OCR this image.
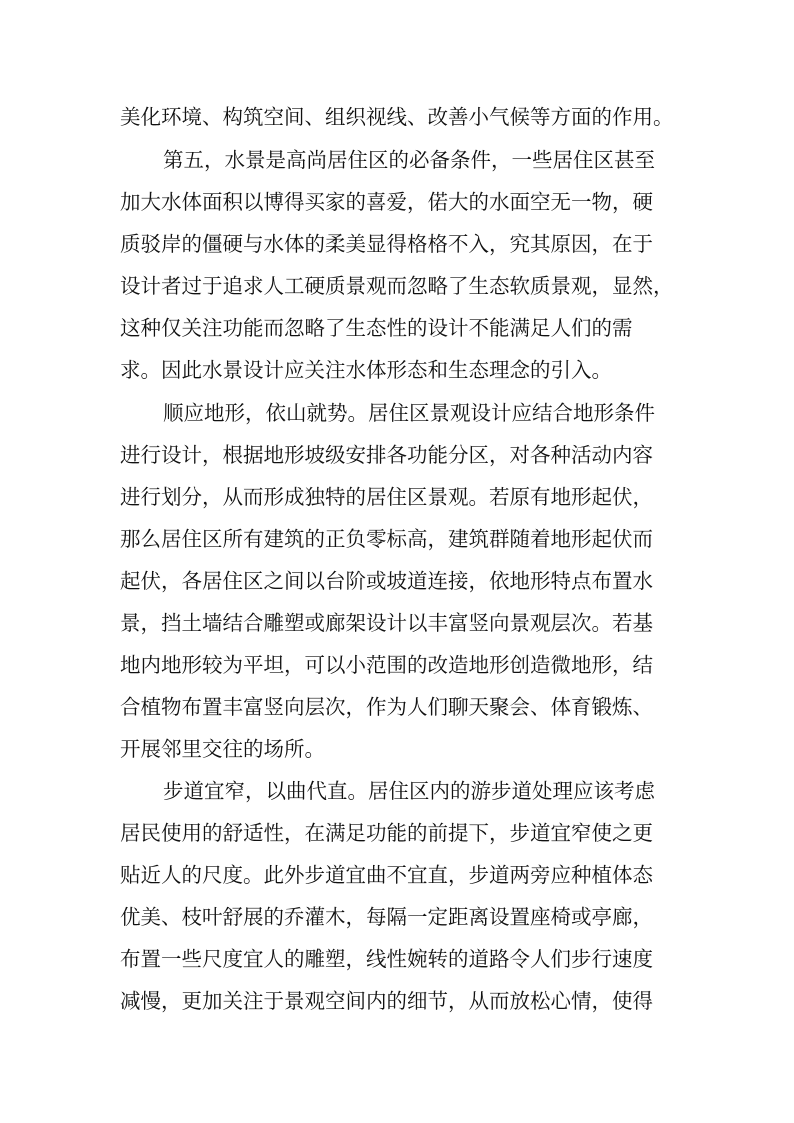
美化环境、构筑空间、组织视线、改善小气候等方面的作用。
第五，水景是高尚居住区的必备条件，一些居住区甚至
加大水体面积以博得买家的喜爱，偌大的水面空无一物，硬
质驳岸的僵硬与水体的柔美显得格格不入，究其原因，在于
设计者过于追求人工硬质景观而忽略了生态软质景观，显然，
这种仅关注功能而忽略了生态性的设计不能满足人们的需
求。因此水景设计应关注水体形态和生态理念的引入。
顺应地形，依山就势。居住区景观设计应结合地形条件
进行设计，根据地形坡级安排各功能分区，对各种活动内容
进行划分，从而形成独特的居住区景观。若原有地形起伏，
那么居住区所有建筑的正负零标高，建筑群随着地形起伏而
起伏，各居住区之间以台阶或坡道连接，依地形特点布置水
景，挡土墙结合雕塑或廊架设计以丰富竖向景观层次。若基
地内地形较为平坦，可以小范围的改造地形创造微地形，结
合植物布置丰富竖向层次，作为人们聊天聚会、体育锻炼、
开展邻里交往的场所。
步道宜窄，以曲代直。居住区内的游步道处理应该考虑
居民使用的舒适性，在满足功能的前提下，步道宜窄使之更
贴近人的尺度。此外步道宜曲不宜直，步道两旁应种植体态
优美、枝叶舒展的乔灌木，每隔一定距离设置座椅或亭廊，
布置一些尺度宜人的雕塑，线性婉转的道路令人们步行速度
减慢，更加关注于景观空间内的细节，从而放松心情，使得
